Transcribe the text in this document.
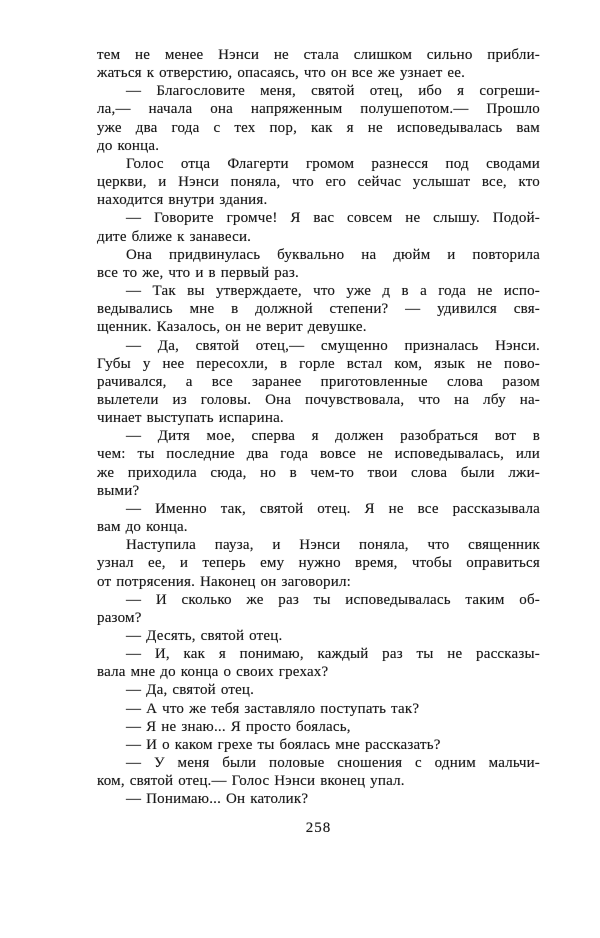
тем не менее Нэнси не стала слишком сильно прибли-
жаться к отверстию, опасаясь, что он все же узнает ее.
— Благословите меня, святой отец, ибо я согреши-
ла,— начала она напряженным полушепотом.— Прошло
уже два года с тех пор, как я не исповедывалась вам
до конца.
Голос отца Флагерти громом разнесся под сводами
церкви, и Нэнси поняла, что его сейчас услышат все, кто
находится внутри здания.
— Говорите громче! Я вас совсем не слышу. Подой-
дите ближе к занавеси.
Она придвинулась буквально на дюйм и повторила
все то же, что и в первый раз.
— Так вы утверждаете, что уже д в а года не испо-
ведывались мне в должной степени? — удивился свя-
щенник. Казалось, он не верит девушке.
— Да, святой отец,— смущенно призналась Нэнси.
Губы у нее пересохли, в горле встал ком, язык не пово-
рачивался, а все заранее приготовленные слова разом
вылетели из головы. Она почувствовала, что на лбу на-
чинает выступать испарина.
— Дитя мое, сперва я должен разобраться вот в
чем: ты последние два года вовсе не исповедывалась, или
же приходила сюда, но в чем-то твои слова были лжи-
выми?
— Именно так, святой отец. Я не все рассказывала
вам до конца.
Наступила пауза, и Нэнси поняла, что священник
узнал ее, и теперь ему нужно время, чтобы оправиться
от потрясения. Наконец он заговорил:
— И сколько же раз ты исповедывалась таким об-
разом?
— Десять, святой отец.
— И, как я понимаю, каждый раз ты не рассказы-
вала мне до конца о своих грехах?
— Да, святой отец.
— А что же тебя заставляло поступать так?
— Я не знаю... Я просто боялась,
— И о каком грехе ты боялась мне рассказать?
— У меня были половые сношения с одним мальчи-
ком, святой отец.— Голос Нэнси вконец упал.
— Понимаю... Он католик?
258
